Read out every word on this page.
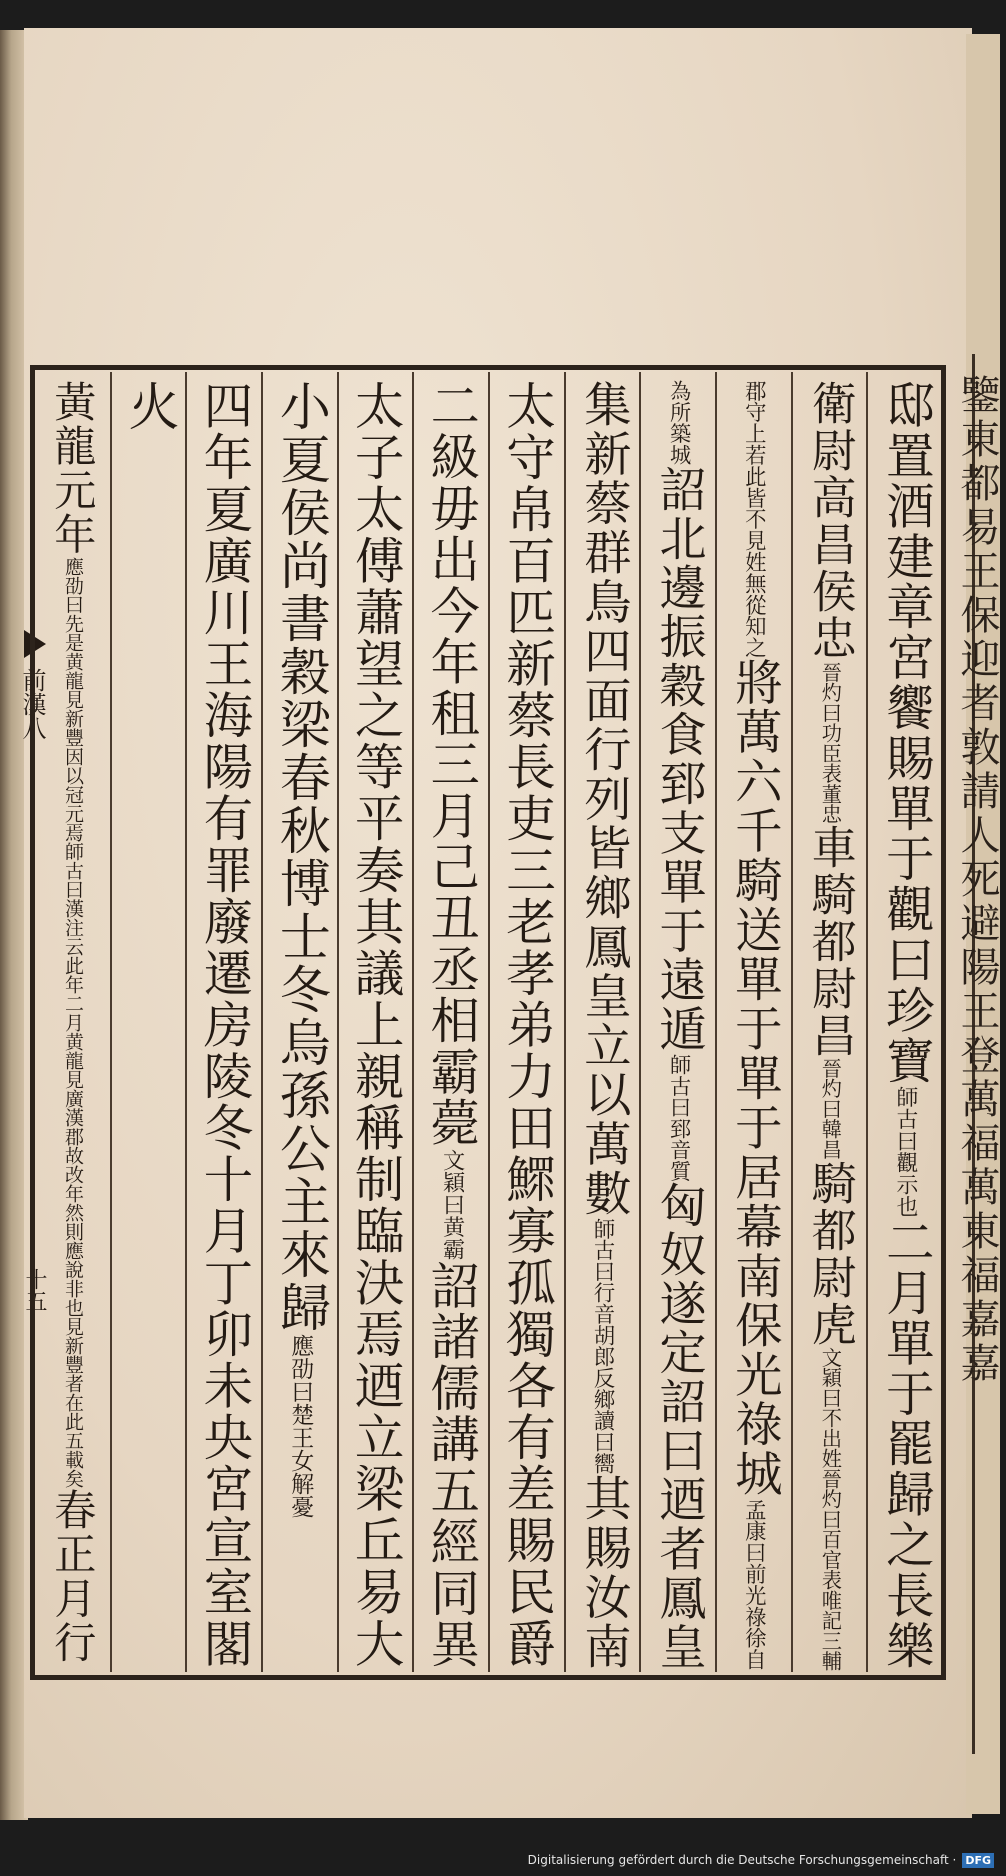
前漢八
十五	鑒東都易王保迎者敦請人死避陽王登萬福萬東福嘉嘉
邸置酒建章宮饗賜單于觀曰珍寶
師古曰觀示也
二月單于罷歸之長樂
衛尉高昌侯忠
晉灼曰功臣表董忠
車騎都尉昌
晉灼曰韓昌
騎都尉虎
文穎曰不出姓晉灼曰百官表唯記三輔
郡守上若此皆不見姓無從知之
將萬六千騎送單于單于居幕南保光祿城
孟康曰前光祿徐自
為所築城
詔北邊振穀食郅支單于遠遁
師古曰郅音質
匈奴遂定詔曰迺者鳳皇
集新蔡群鳥四面行列皆鄉鳳皇立以萬數
師古曰行音胡郎反鄉讀曰嚮
其賜汝南
太守帛百匹新蔡長吏三老孝弟力田鰥寡孤獨各有差賜民爵
二級毋出今年租三月己丑丞相霸薨
文穎曰黄霸
詔諸儒講五經同異
太子太傅蕭望之等平奏其議上親稱制臨決焉迺立梁丘易大
小夏侯尚書穀梁春秋博士冬烏孫公主來歸
應劭曰楚王女解憂
四年夏廣川王海陽有罪廢遷房陵冬十月丁卯未央宮宣室閣
火
黃龍元年
應劭曰先是黄龍見新豐因以冠元焉師古曰漢注云此年二月黄龍見廣漢郡故改年然則應說非也見新豐者在此五載矣
春正月行
Digitalisierung gefördert durch die Deutsche Forschungsgemeinschaft · DFG
